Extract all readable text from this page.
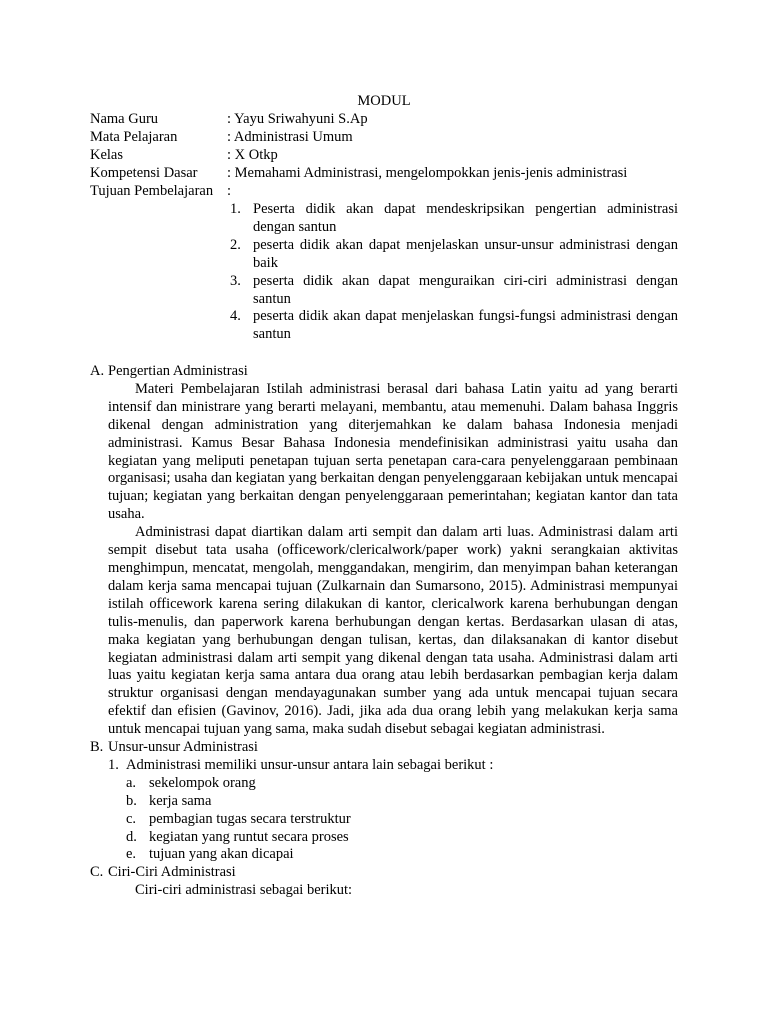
MODUL
Nama Guru	: Yayu Sriwahyuni S.Ap
Mata Pelajaran	: Administrasi Umum
Kelas	: X Otkp
Kompetensi Dasar	: Memahami Administrasi, mengelompokkan jenis-jenis administrasi
Tujuan Pembelajaran :
1. Peserta didik akan dapat mendeskripsikan pengertian administrasi dengan santun
2. peserta didik akan dapat menjelaskan unsur-unsur administrasi dengan baik
3. peserta didik akan dapat menguraikan ciri-ciri administrasi dengan santun
4. peserta didik akan dapat menjelaskan fungsi-fungsi administrasi dengan santun
A. Pengertian Administrasi

Materi Pembelajaran Istilah administrasi berasal dari bahasa Latin yaitu ad yang berarti intensif dan ministrare yang berarti melayani, membantu, atau memenuhi. Dalam bahasa Inggris dikenal dengan administration yang diterjemahkan ke dalam bahasa Indonesia menjadi administrasi. Kamus Besar Bahasa Indonesia mendefinisikan administrasi yaitu usaha dan kegiatan yang meliputi penetapan tujuan serta penetapan cara-cara penyelenggaraan pembinaan organisasi; usaha dan kegiatan yang berkaitan dengan penyelenggaraan kebijakan untuk mencapai tujuan; kegiatan yang berkaitan dengan penyelenggaraan pemerintahan; kegiatan kantor dan tata usaha.

Administrasi dapat diartikan dalam arti sempit dan dalam arti luas. Administrasi dalam arti sempit disebut tata usaha (officework/clericalwork/paper work) yakni serangkaian aktivitas menghimpun, mencatat, mengolah, menggandakan, mengirim, dan menyimpan bahan keterangan dalam kerja sama mencapai tujuan (Zulkarnain dan Sumarsono, 2015). Administrasi mempunyai istilah officework karena sering dilakukan di kantor, clericalwork karena berhubungan dengan tulis-menulis, dan paperwork karena berhubungan dengan kertas. Berdasarkan ulasan di atas, maka kegiatan yang berhubungan dengan tulisan, kertas, dan dilaksanakan di kantor disebut kegiatan administrasi dalam arti sempit yang dikenal dengan tata usaha. Administrasi dalam arti luas yaitu kegiatan kerja sama antara dua orang atau lebih berdasarkan pembagian kerja dalam struktur organisasi dengan mendayagunakan sumber yang ada untuk mencapai tujuan secara efektif dan efisien (Gavinov, 2016). Jadi, jika ada dua orang lebih yang melakukan kerja sama untuk mencapai tujuan yang sama, maka sudah disebut sebagai kegiatan administrasi.

B. Unsur-unsur Administrasi
1. Administrasi memiliki unsur-unsur antara lain sebagai berikut :
a. sekelompok orang
b. kerja sama
c. pembagian tugas secara terstruktur
d. kegiatan yang runtut secara proses
e. tujuan yang akan dicapai
C. Ciri-Ciri Administrasi
Ciri-ciri administrasi sebagai berikut:
